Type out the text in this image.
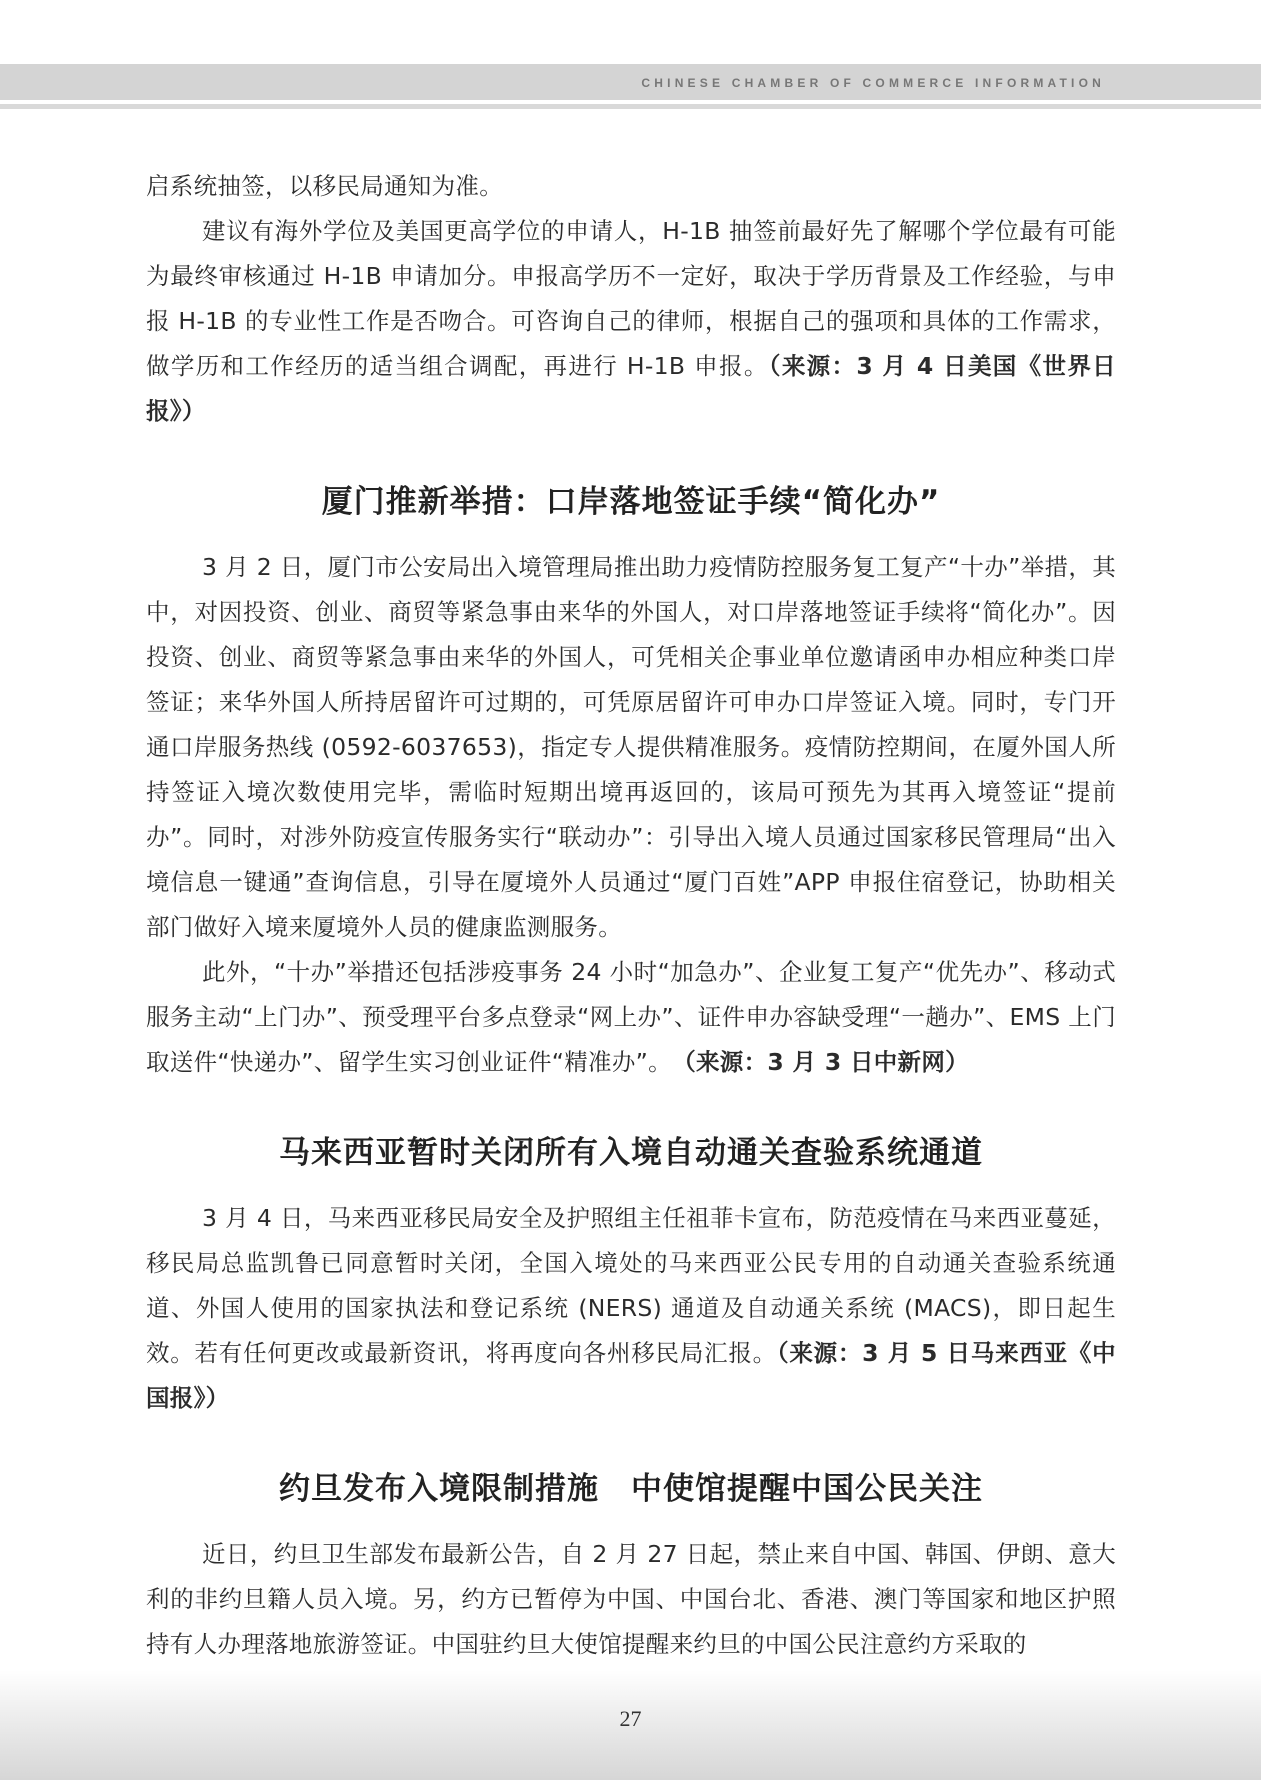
CHINESE CHAMBER OF COMMERCE INFORMATION

启系统抽签，以移民局通知为准。

建议有海外学位及美国更高学位的申请人，H-1B 抽签前最好先了解哪个学位最有可能为最终审核通过 H-1B 申请加分。申报高学历不一定好，取决于学历背景及工作经验，与申报 H-1B 的专业性工作是否吻合。可咨询自己的律师，根据自己的强项和具体的工作需求，做学历和工作经历的适当组合调配，再进行 H-1B 申报。（来源：3 月 4 日美国《世界日报》）

厦门推新举措：口岸落地签证手续“简化办”

3 月 2 日，厦门市公安局出入境管理局推出助力疫情防控服务复工复产“十办”举措，其中，对因投资、创业、商贸等紧急事由来华的外国人，对口岸落地签证手续将“简化办”。因投资、创业、商贸等紧急事由来华的外国人，可凭相关企事业单位邀请函申办相应种类口岸签证；来华外国人所持居留许可过期的，可凭原居留许可申办口岸签证入境。同时，专门开通口岸服务热线 (0592-6037653)，指定专人提供精准服务。疫情防控期间，在厦外国人所持签证入境次数使用完毕，需临时短期出境再返回的，该局可预先为其再入境签证“提前办”。同时，对涉外防疫宣传服务实行“联动办”：引导出入境人员通过国家移民管理局“出入境信息一键通”查询信息，引导在厦境外人员通过“厦门百姓”APP 申报住宿登记，协助相关部门做好入境来厦境外人员的健康监测服务。

此外，“十办”举措还包括涉疫事务 24 小时“加急办”、企业复工复产“优先办”、移动式服务主动“上门办”、预受理平台多点登录“网上办”、证件申办容缺受理“一趟办”、EMS 上门取送件“快递办”、留学生实习创业证件“精准办”。　（来源：3 月 3 日中新网）

马来西亚暂时关闭所有入境自动通关查验系统通道

3 月 4 日，马来西亚移民局安全及护照组主任祖菲卡宣布，防范疫情在马来西亚蔓延，移民局总监凯鲁已同意暂时关闭，全国入境处的马来西亚公民专用的自动通关查验系统通道、外国人使用的国家执法和登记系统 (NERS) 通道及自动通关系统 (MACS)，即日起生效。若有任何更改或最新资讯，将再度向各州移民局汇报。（来源：3 月 5 日马来西亚《中国报》）

约旦发布入境限制措施　中使馆提醒中国公民关注

近日，约旦卫生部发布最新公告，自 2 月 27 日起，禁止来自中国、韩国、伊朗、意大利的非约旦籍人员入境。另，约方已暂停为中国、中国台北、香港、澳门等国家和地区护照持有人办理落地旅游签证。中国驻约旦大使馆提醒来约旦的中国公民注意约方采取的

27
